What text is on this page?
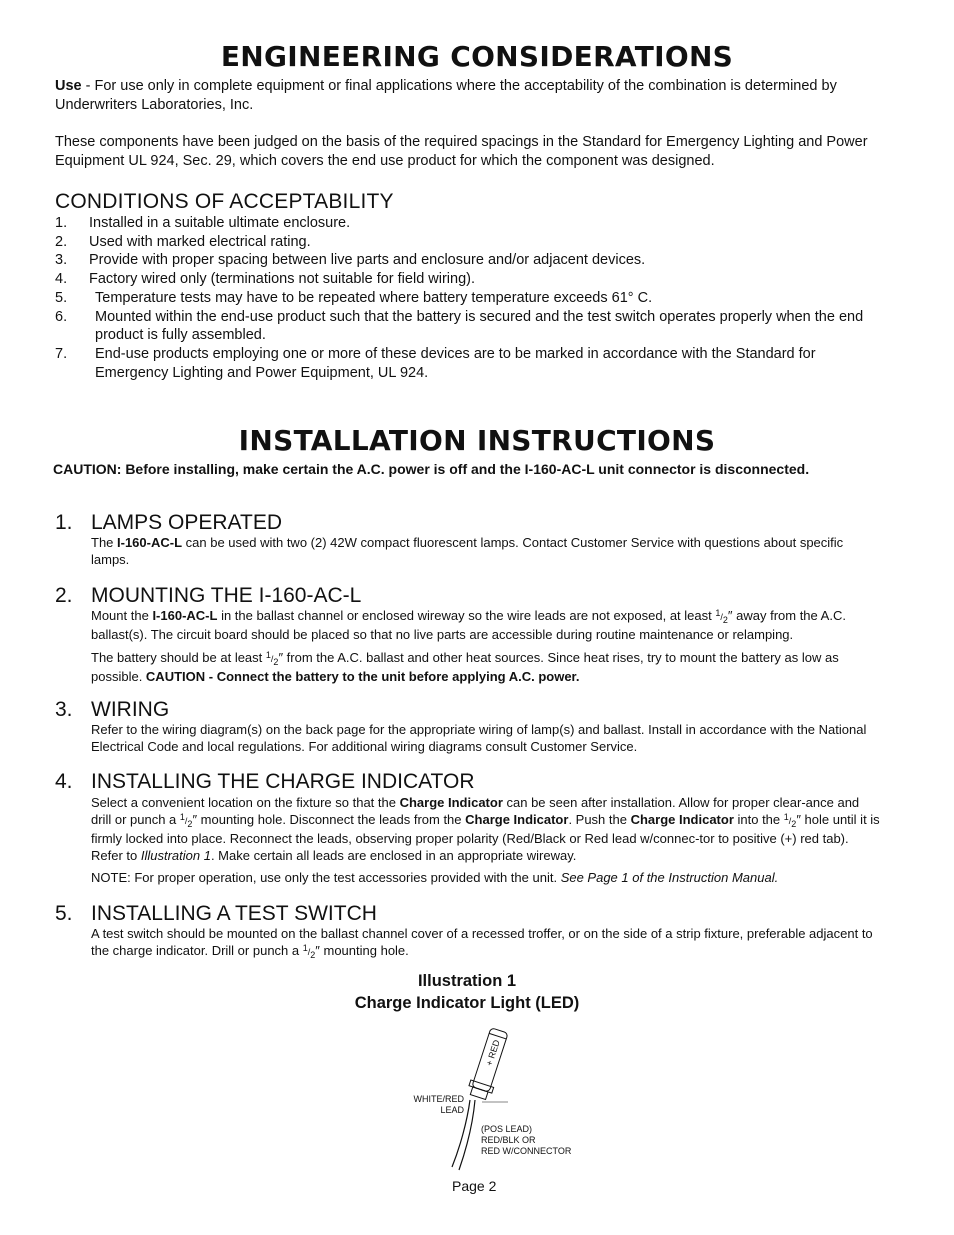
ENGINEERING CONSIDERATIONS

Use - For use only in complete equipment or final applications where the acceptability of the combination is determined by Underwriters Laboratories, Inc.

These components have been judged on the basis of the required spacings in the Standard for Emergency Lighting and Power Equipment UL 924, Sec. 29, which covers the end use product for which the component was designed.

CONDITIONS OF ACCEPTABILITY
1. Installed in a suitable ultimate enclosure.
2. Used with marked electrical rating.
3. Provide with proper spacing between live parts and enclosure and/or adjacent devices.
4. Factory wired only (terminations not suitable for field wiring).
5. Temperature tests may have to be repeated where battery temperature exceeds 61° C.
6. Mounted within the end-use product such that the battery is secured and the test switch operates properly when the end product is fully assembled.
7. End-use products employing one or more of these devices are to be marked in accordance with the Standard for Emergency Lighting and Power Equipment, UL 924.
INSTALLATION INSTRUCTIONS

CAUTION: Before installing, make certain the A.C. power is off and the I-160-AC-L unit connector is disconnected.

1. LAMPS OPERATED

The I-160-AC-L can be used with two (2) 42W compact fluorescent lamps. Contact Customer Service with questions about specific lamps.

2. MOUNTING THE I-160-AC-L

Mount the I-160-AC-L in the ballast channel or enclosed wireway so the wire leads are not exposed, at least 1/2″ away from the A.C. ballast(s). The circuit board should be placed so that no live parts are accessible during routine maintenance or relamping.

The battery should be at least 1/2″ from the A.C. ballast and other heat sources. Since heat rises, try to mount the battery as low as possible. CAUTION - Connect the battery to the unit before applying A.C. power.

3. WIRING

Refer to the wiring diagram(s) on the back page for the appropriate wiring of lamp(s) and ballast. Install in accordance with the National Electrical Code and local regulations. For additional wiring diagrams consult Customer Service.

4. INSTALLING THE CHARGE INDICATOR

Select a convenient location on the fixture so that the Charge Indicator can be seen after installation. Allow for proper clear-ance and drill or punch a 1/2″ mounting hole. Disconnect the leads from the Charge Indicator. Push the Charge Indicator into the 1/2″ hole until it is firmly locked into place. Reconnect the leads, observing proper polarity (Red/Black or Red lead w/connec-tor to positive (+) red tab). Refer to Illustration 1. Make certain all leads are enclosed in an appropriate wireway.

NOTE: For proper operation, use only the test accessories provided with the unit. See Page 1 of the Instruction Manual.

5. INSTALLING A TEST SWITCH

A test switch should be mounted on the ballast channel cover of a recessed troffer, or on the side of a strip fixture, preferable adjacent to the charge indicator. Drill or punch a 1/2″ mounting hole.

Illustration 1
Charge Indicator Light (LED)

+ RED

WHITE/RED
LEAD

(POS LEAD)
RED/BLK OR
RED W/CONNECTOR

Page 2
